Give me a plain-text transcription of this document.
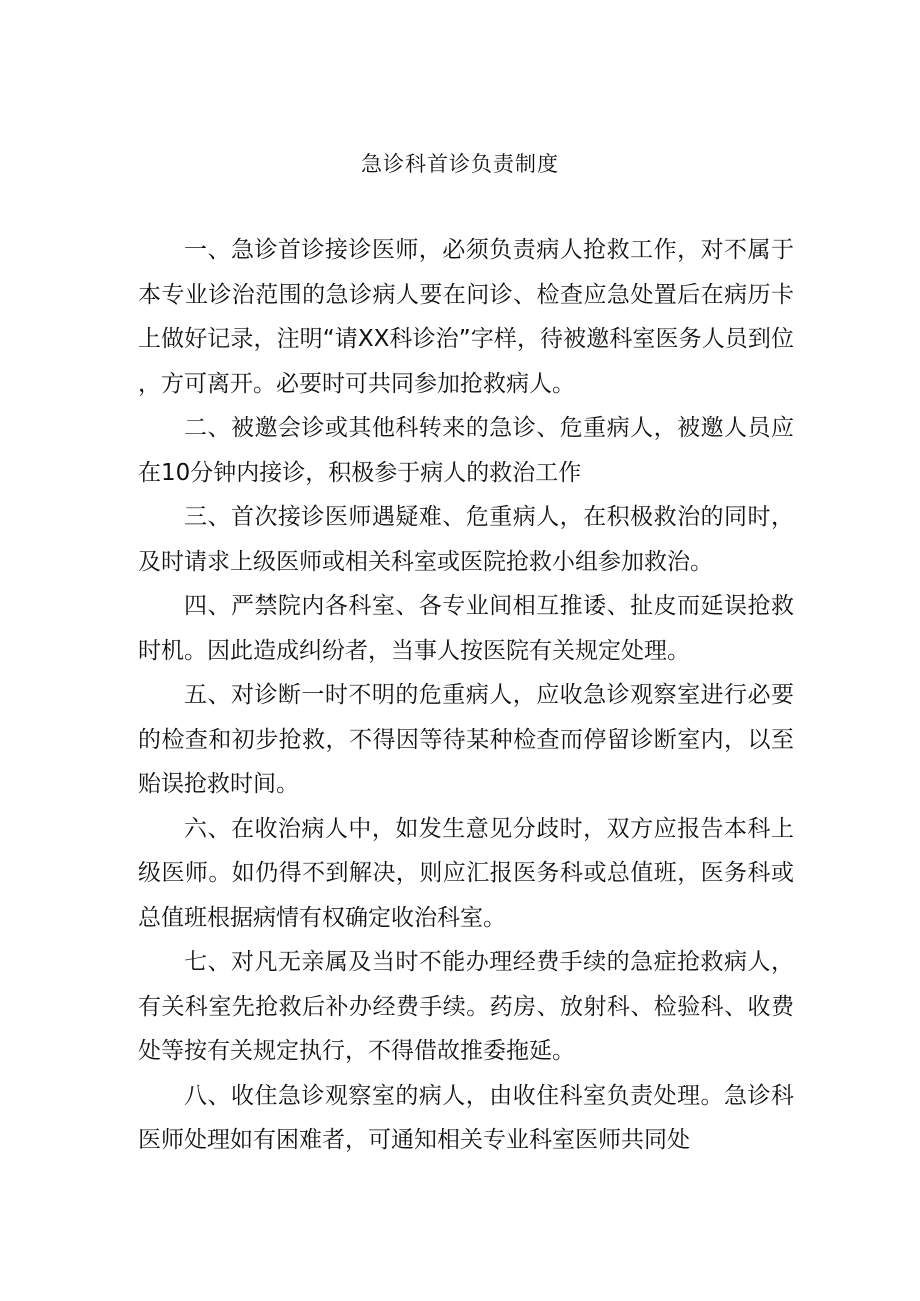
急诊科首诊负责制度

一、急诊首诊接诊医师，必须负责病人抢救工作，对不属于本专业诊治范围的急诊病人要在问诊、检查应急处置后在病历卡上做好记录，注明“请XX科诊治”字样，待被邀科室医务人员到位，方可离开。必要时可共同参加抢救病人。

二、被邀会诊或其他科转来的急诊、危重病人，被邀人员应在10分钟内接诊，积极参于病人的救治工作

三、首次接诊医师遇疑难、危重病人，在积极救治的同时，及时请求上级医师或相关科室或医院抢救小组参加救治。

四、严禁院内各科室、各专业间相互推诿、扯皮而延误抢救时机。因此造成纠纷者，当事人按医院有关规定处理。

五、对诊断一时不明的危重病人，应收急诊观察室进行必要的检查和初步抢救，不得因等待某种检查而停留诊断室内，以至贻误抢救时间。

六、在收治病人中，如发生意见分歧时，双方应报告本科上级医师。如仍得不到解决，则应汇报医务科或总值班，医务科或总值班根据病情有权确定收治科室。

七、对凡无亲属及当时不能办理经费手续的急症抢救病人，有关科室先抢救后补办经费手续。药房、放射科、检验科、收费处等按有关规定执行，不得借故推委拖延。

八、收住急诊观察室的病人，由收住科室负责处理。急诊科医师处理如有困难者，可通知相关专业科室医师共同处
